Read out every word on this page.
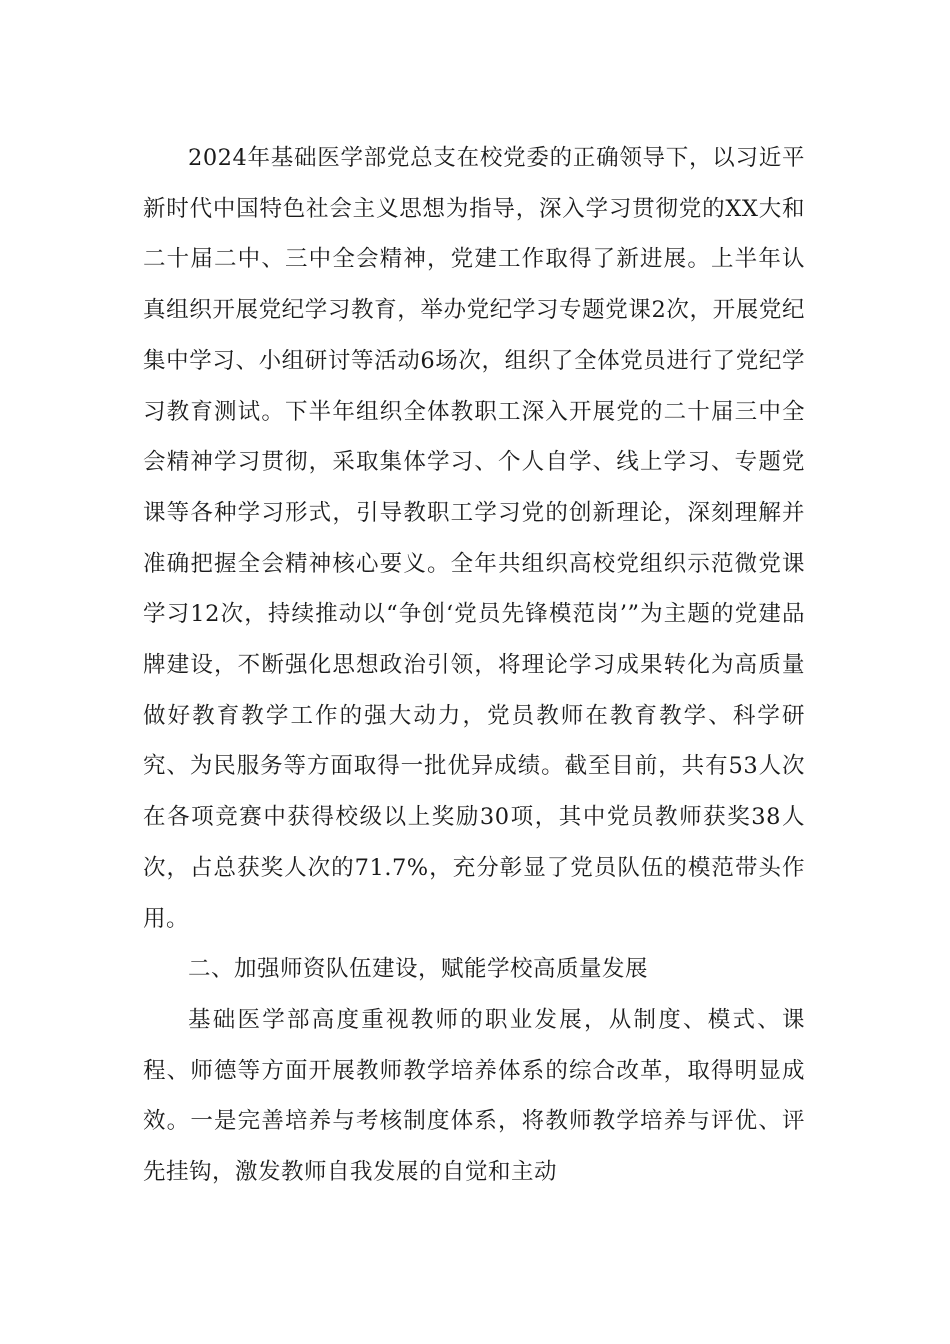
2024年基础医学部党总支在校党委的正确领导下，以习近平新时代中国特色社会主义思想为指导，深入学习贯彻党的XX大和二十届二中、三中全会精神，党建工作取得了新进展。上半年认真组织开展党纪学习教育，举办党纪学习专题党课2次，开展党纪集中学习、小组研讨等活动6场次，组织了全体党员进行了党纪学习教育测试。下半年组织全体教职工深入开展党的二十届三中全会精神学习贯彻，采取集体学习、个人自学、线上学习、专题党课等各种学习形式，引导教职工学习党的创新理论，深刻理解并准确把握全会精神核心要义。全年共组织高校党组织示范微党课学习12次，持续推动以“争创‘党员先锋模范岗’”为主题的党建品牌建设，不断强化思想政治引领，将理论学习成果转化为高质量做好教育教学工作的强大动力，党员教师在教育教学、科学研究、为民服务等方面取得一批优异成绩。截至目前，共有53人次在各项竞赛中获得校级以上奖励30项，其中党员教师获奖38人次，占总获奖人次的71.7%，充分彰显了党员队伍的模范带头作用。

二、加强师资队伍建设，赋能学校高质量发展

基础医学部高度重视教师的职业发展，从制度、模式、课程、师德等方面开展教师教学培养体系的综合改革，取得明显成效。一是完善培养与考核制度体系，将教师教学培养与评优、评先挂钩，激发教师自我发展的自觉和主动
